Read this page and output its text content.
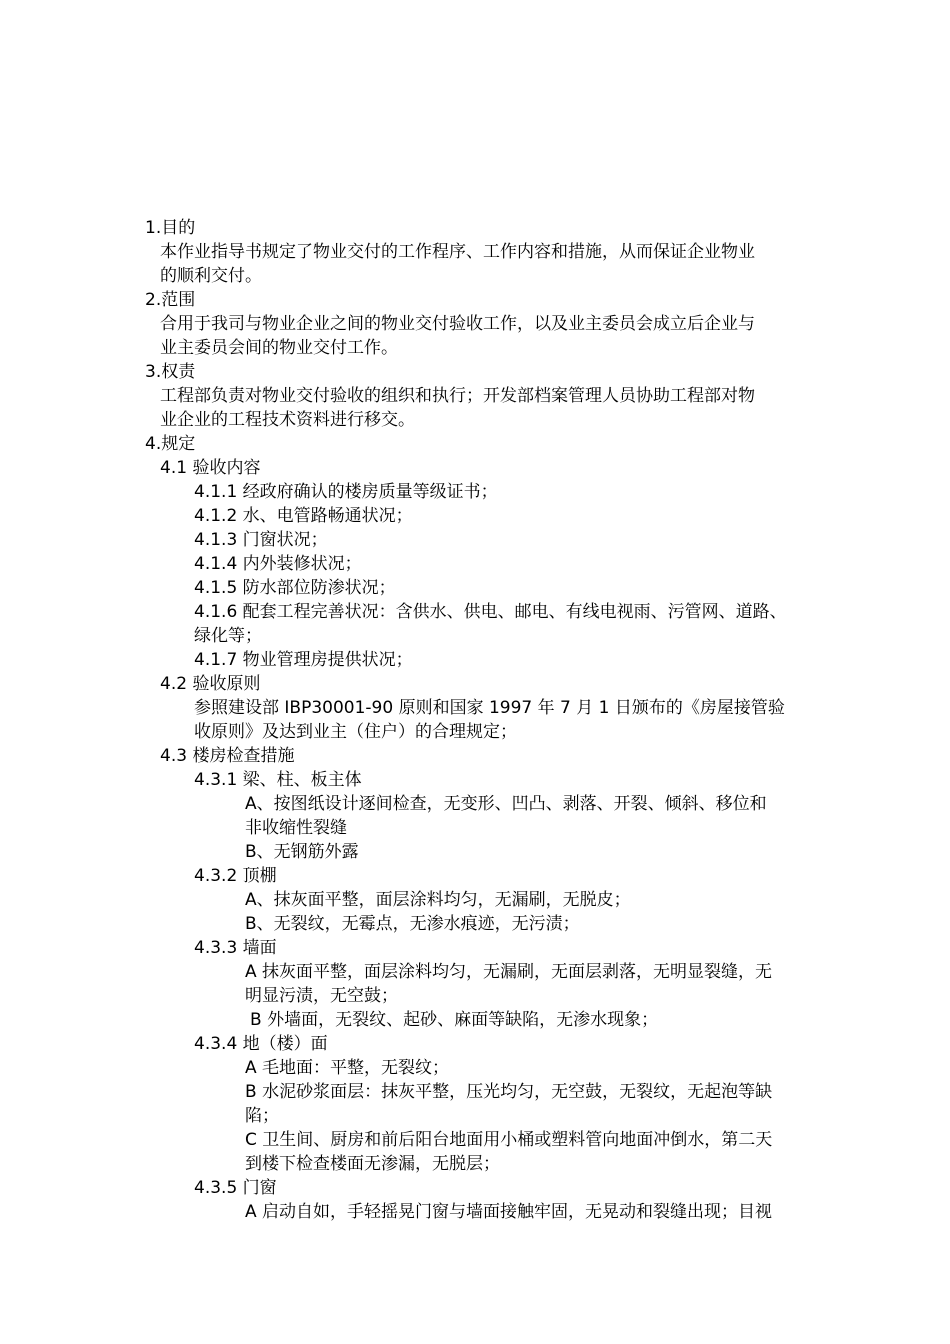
1.目的
本作业指导书规定了物业交付的工作程序、工作内容和措施，从而保证企业物业
的顺利交付。
2.范围
合用于我司与物业企业之间的物业交付验收工作，以及业主委员会成立后企业与
业主委员会间的物业交付工作。
3.权责
工程部负责对物业交付验收的组织和执行；开发部档案管理人员协助工程部对物
业企业的工程技术资料进行移交。
4.规定
4.1 验收内容
4.1.1 经政府确认的楼房质量等级证书；
4.1.2 水、电管路畅通状况；
4.1.3 门窗状况；
4.1.4 内外装修状况；
4.1.5 防水部位防渗状况；
4.1.6 配套工程完善状况：含供水、供电、邮电、有线电视雨、污管网、道路、
绿化等；
4.1.7 物业管理房提供状况；
4.2 验收原则
参照建设部 IBP30001-90 原则和国家 1997 年 7 月 1 日颁布的《房屋接管验
收原则》及达到业主（住户）的合理规定；
4.3 楼房检查措施
4.3.1 梁、柱、板主体
A、按图纸设计逐间检查，无变形、凹凸、剥落、开裂、倾斜、移位和
非收缩性裂缝
B、无钢筋外露
4.3.2 顶棚
A、抹灰面平整，面层涂料均匀，无漏刷，无脱皮；
B、无裂纹，无霉点，无渗水痕迹，无污渍；
4.3.3 墙面
A 抹灰面平整，面层涂料均匀，无漏刷，无面层剥落，无明显裂缝，无
明显污渍，无空鼓；
B 外墙面，无裂纹、起砂、麻面等缺陷，无渗水现象；
4.3.4 地（楼）面
A 毛地面：平整，无裂纹；
B 水泥砂浆面层：抹灰平整，压光均匀，无空鼓，无裂纹，无起泡等缺
陷；
C 卫生间、厨房和前后阳台地面用小桶或塑料管向地面冲倒水，第二天
到楼下检查楼面无渗漏，无脱层；
4.3.5 门窗
A 启动自如，手轻摇晃门窗与墙面接触牢固，无晃动和裂缝出现；目视
